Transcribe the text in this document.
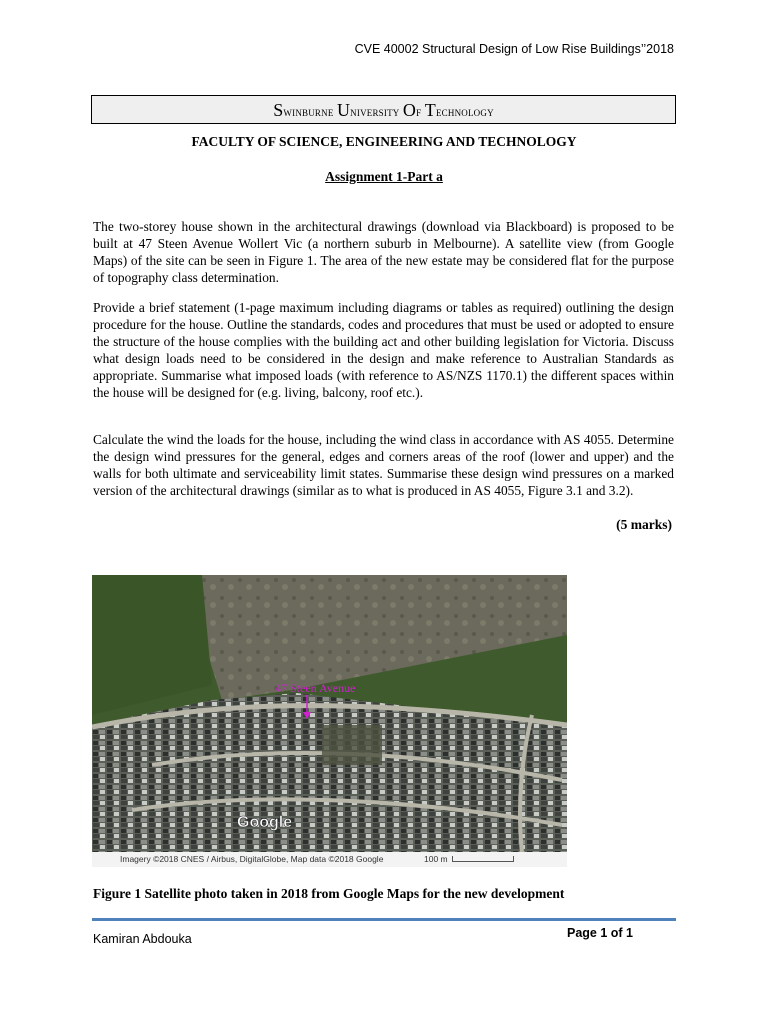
CVE 40002 Structural Design of Low Rise Buildings’’2018
Swinburne University Of Technology
FACULTY OF SCIENCE, ENGINEERING AND TECHNOLOGY
Assignment 1-Part a

The two-storey house shown in the architectural drawings (download via Blackboard) is proposed to be built at 47 Steen Avenue Wollert Vic (a northern suburb in Melbourne). A satellite view (from Google Maps) of the site can be seen in Figure 1. The area of the new estate may be considered flat for the purpose of topography class determination.

Provide a brief statement (1-page maximum including diagrams or tables as required) outlining the design procedure for the house. Outline the standards, codes and procedures that must be used or adopted to ensure the structure of the house complies with the building act and other building legislation for Victoria. Discuss what design loads need to be considered in the design and make reference to Australian Standards as appropriate. Summarise what imposed loads (with reference to AS/NZS 1170.1) the different spaces within the house will be designed for (e.g. living, balcony, roof etc.).

Calculate the wind the loads for the house, including the wind class in accordance with AS 4055. Determine the design wind pressures for the general, edges and corners areas of the roof (lower and upper) and the walls for both ultimate and serviceability limit states. Summarise these design wind pressures on a marked version of the architectural drawings (similar as to what is produced in AS 4055, Figure 3.1 and 3.2).

(5 marks)
47 Steen Avenue
Google
Imagery ©2018 CNES / Airbus, DigitalGlobe, Map data ©2018 Google	100 m
Figure 1 Satellite photo taken in 2018 from Google Maps for the new development
Kamiran Abdouka	Page 1 of 1
